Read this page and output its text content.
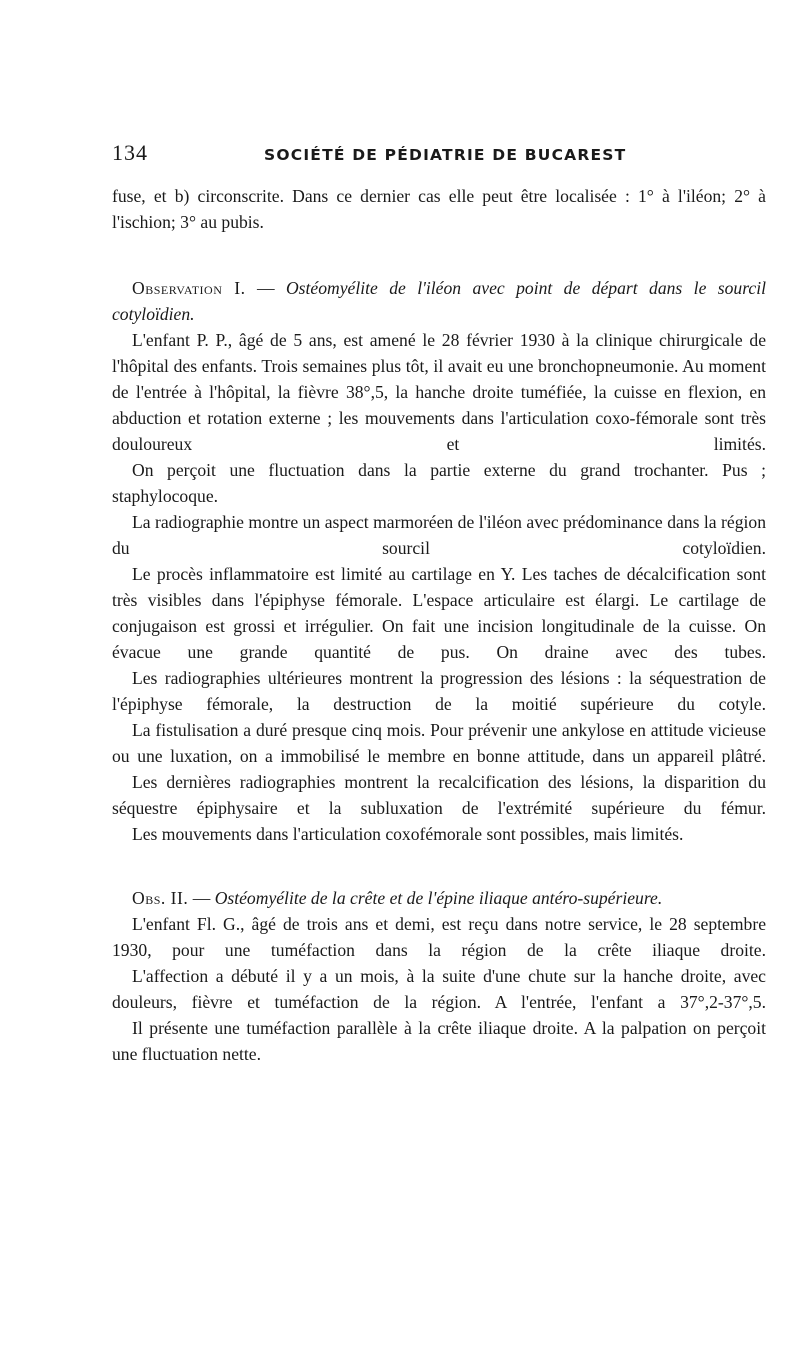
134	SOCIÉTÉ DE PÉDIATRIE DE BUCAREST

fuse, et b) circonscrite. Dans ce dernier cas elle peut être localisée : 1° à l'iléon; 2° à l'ischion; 3° au pubis.

Observation I. — Ostéomyélite de l'iléon avec point de départ dans le sourcil cotyloïdien.

L'enfant P. P., âgé de 5 ans, est amené le 28 février 1930 à la clinique chirurgicale de l'hôpital des enfants. Trois semaines plus tôt, il avait eu une bronchopneumonie. Au moment de l'entrée à l'hôpital, la fièvre 38°,5, la hanche droite tuméfiée, la cuisse en flexion, en abduction et rotation externe ; les mouvements dans l'articulation coxo-fémorale sont très douloureux et limités.

On perçoit une fluctuation dans la partie externe du grand trochanter. Pus ; staphylocoque.

La radiographie montre un aspect marmoréen de l'iléon avec prédominance dans la région du sourcil cotyloïdien.

Le procès inflammatoire est limité au cartilage en Y. Les taches de décalcification sont très visibles dans l'épiphyse fémorale. L'espace articulaire est élargi. Le cartilage de conjugaison est grossi et irrégulier. On fait une incision longitudinale de la cuisse. On évacue une grande quantité de pus. On draine avec des tubes.

Les radiographies ultérieures montrent la progression des lésions : la séquestration de l'épiphyse fémorale, la destruction de la moitié supérieure du cotyle.

La fistulisation a duré presque cinq mois. Pour prévenir une ankylose en attitude vicieuse ou une luxation, on a immobilisé le membre en bonne attitude, dans un appareil plâtré.

Les dernières radiographies montrent la recalcification des lésions, la disparition du séquestre épiphysaire et la subluxation de l'extrémité supérieure du fémur.

Les mouvements dans l'articulation coxofémorale sont possibles, mais limités.

Obs. II. — Ostéomyélite de la crête et de l'épine iliaque antéro-supérieure.

L'enfant Fl. G., âgé de trois ans et demi, est reçu dans notre service, le 28 septembre 1930, pour une tuméfaction dans la région de la crête iliaque droite.

L'affection a débuté il y a un mois, à la suite d'une chute sur la hanche droite, avec douleurs, fièvre et tuméfaction de la région. A l'entrée, l'enfant a 37°,2-37°,5.

Il présente une tuméfaction parallèle à la crête iliaque droite. A la palpation on perçoit une fluctuation nette.
